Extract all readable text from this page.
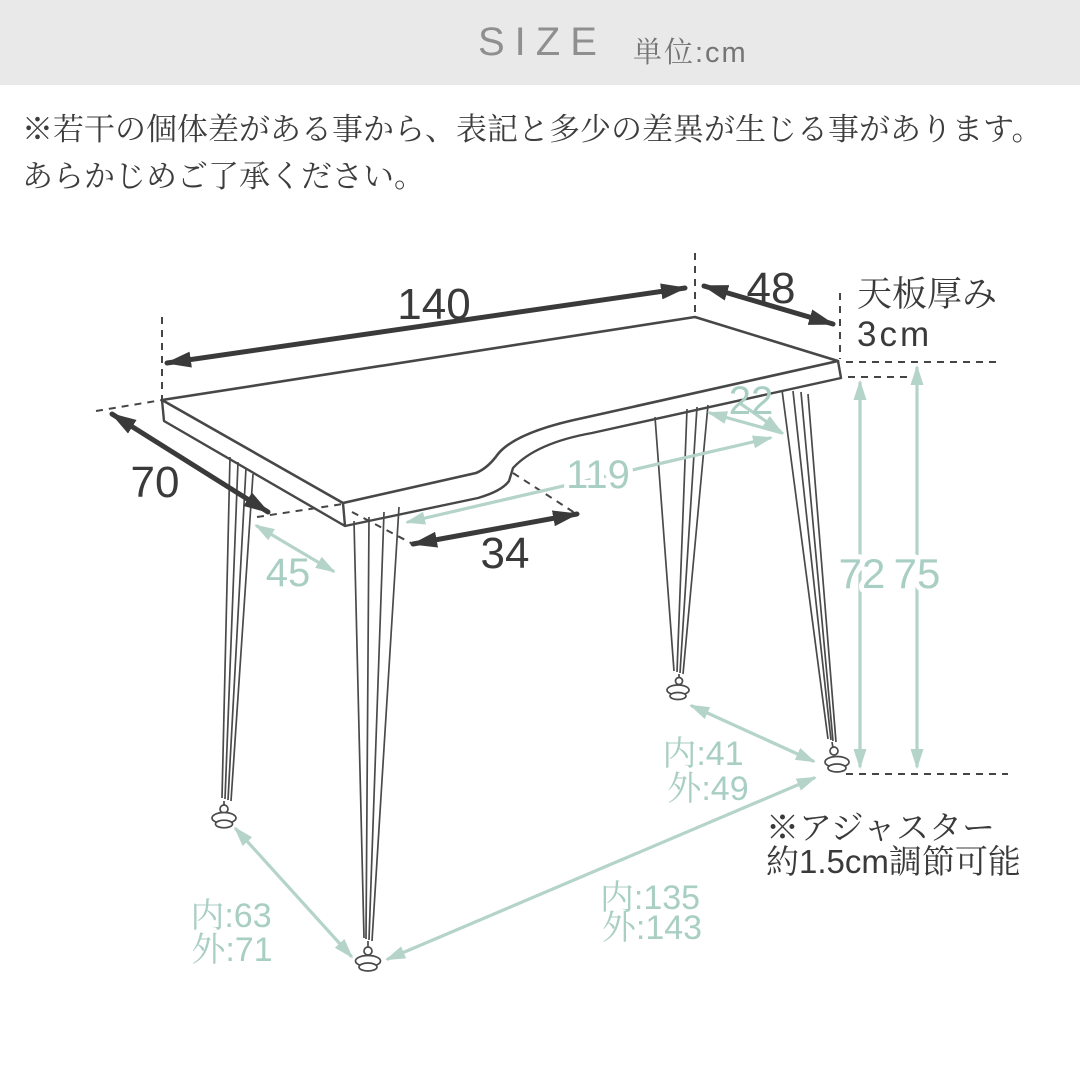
SIZE 単位:cm
※若干の個体差がある事から、表記と多少の差異が生じる事があります。
あらかじめご了承ください。
140
70
48
34
45
22
119
72 75
内:41
外:49
内:63
外:71
内:135
外:143
天板厚み
3cm
※アジャスター
約1.5cm調節可能
